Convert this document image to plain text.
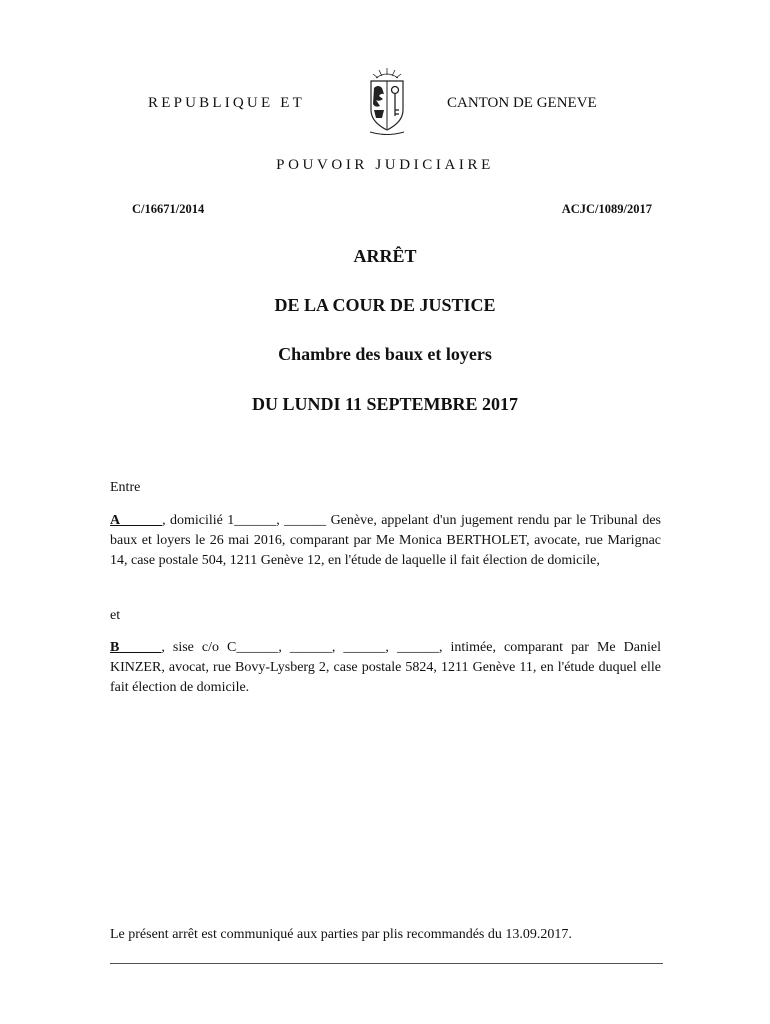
REPUBLIQUE ET	CANTON DE GENEVE
POUVOIR JUDICIAIRE
C/16671/2014	ACJC/1089/2017
ARRÊT
DE LA COUR DE JUSTICE
Chambre des baux et loyers
DU LUNDI 11 SEPTEMBRE 2017
Entre
A______, domicilié 1______, ______ Genève, appelant d'un jugement rendu par le Tribunal des baux et loyers le 26 mai 2016, comparant par Me Monica BERTHOLET, avocate, rue Marignac 14, case postale 504, 1211 Genève 12, en l'étude de laquelle il fait élection de domicile,
et
B______, sise c/o C______, ______, ______, ______, intimée, comparant par Me Daniel KINZER, avocat, rue Bovy-Lysberg 2, case postale 5824, 1211 Genève 11, en l'étude duquel elle fait élection de domicile.
Le présent arrêt est communiqué aux parties par plis recommandés du 13.09.2017.
